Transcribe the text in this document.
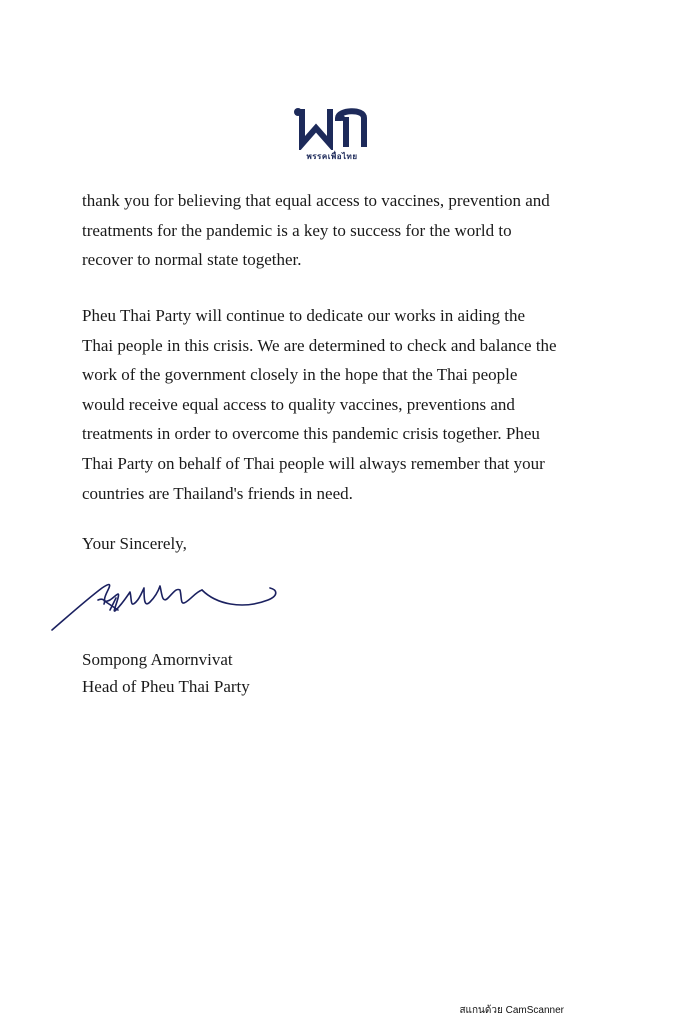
พรรคเพื่อไทย

thank you for believing that equal access to vaccines, prevention and

treatments for the pandemic is a key to success for the world to

recover to normal state together.

Pheu Thai Party will continue to dedicate our works in aiding the

Thai people in this crisis. We are determined to check and balance the

work of the government closely in the hope that the Thai people

would receive equal access to quality vaccines, preventions and

treatments in order to overcome this pandemic crisis together. Pheu

Thai Party on behalf of Thai people will always remember that your

countries are Thailand's friends in need.

Your Sincerely,
Sompong Amornvivat
Head of Pheu Thai Party
สแกนด้วย CamScanner
